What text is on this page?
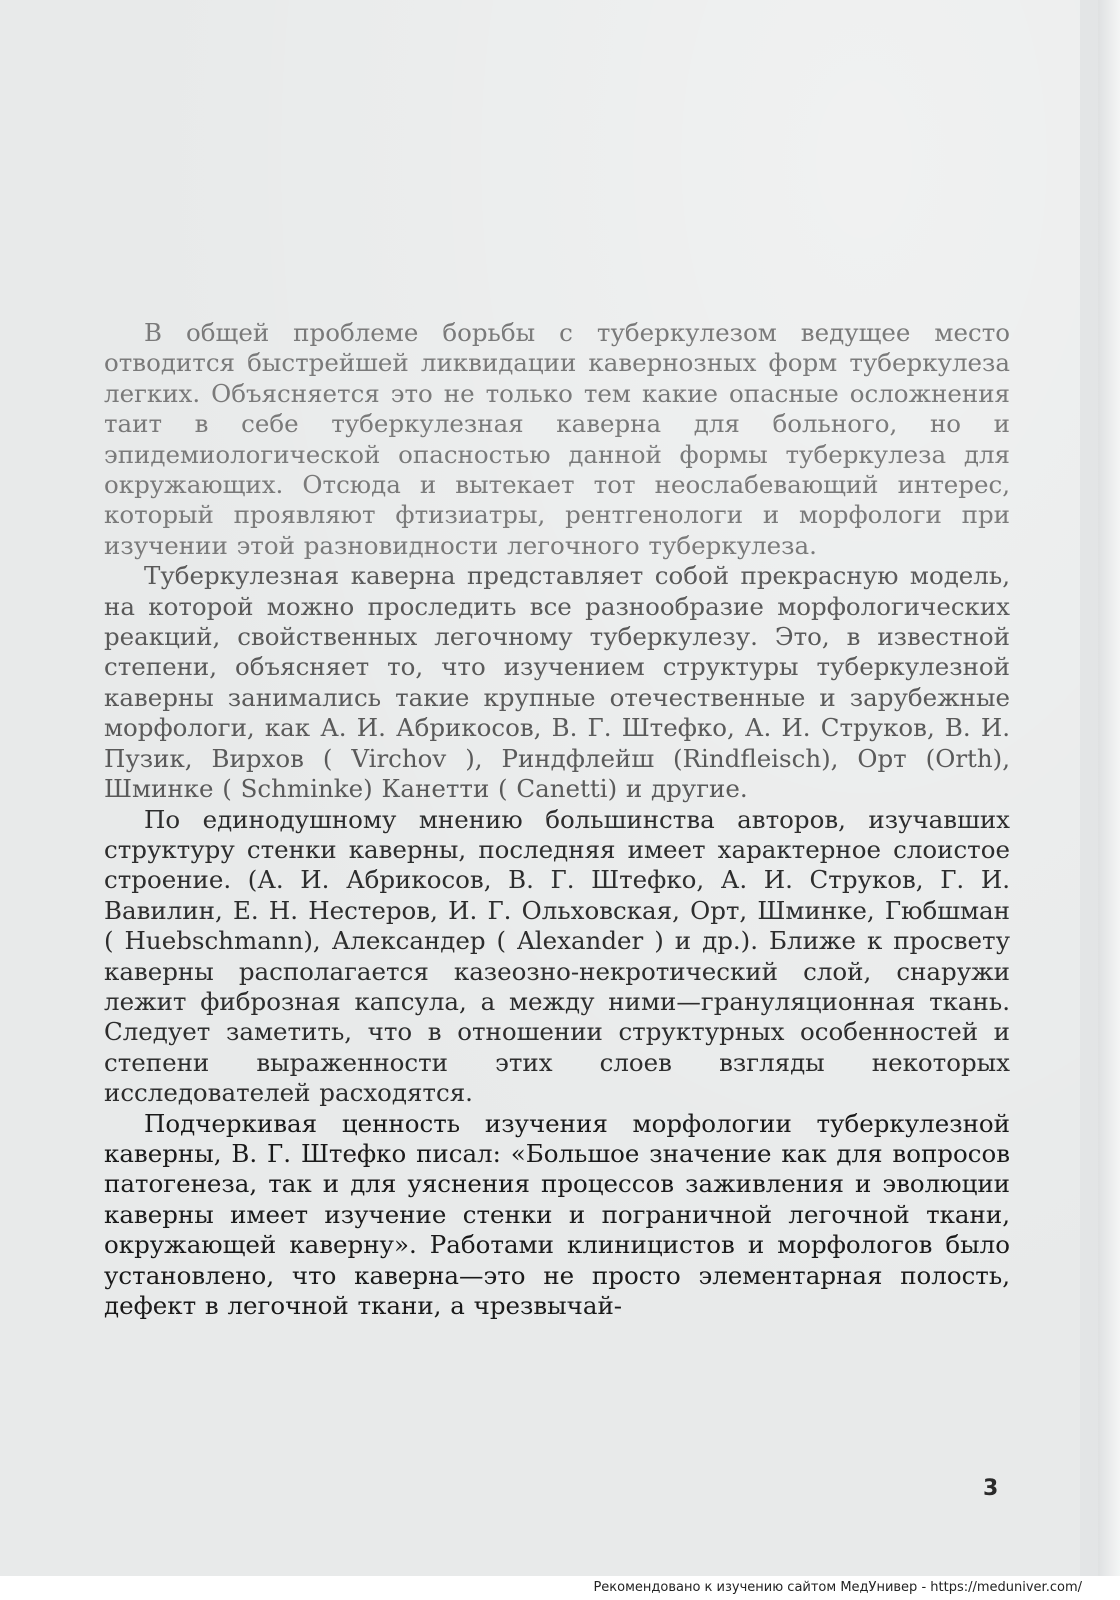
В общей проблеме борьбы с туберкулезом ведущее место отводится быстрейшей ликвидации кавернозных форм туберкулеза легких. Объясняется это не только тем какие опасные осложнения таит в себе туберкулезная каверна для больного, но и эпидемиологической опасностью данной формы туберкулеза для окружающих. Отсюда и вытекает тот неослабевающий интерес, который проявляют фтизиатры, рентгенологи и морфологи при изучении этой разновидности легочного туберкулеза.

Туберкулезная каверна представляет собой прекрасную модель, на которой можно проследить все разнообразие морфологических реакций, свойственных легочному туберкулезу. Это, в известной степени, объясняет то, что изучением структуры туберкулезной каверны занимались такие крупные отечественные и зарубежные морфологи, как А. И. Абрикосов, В. Г. Штефко, А. И. Струков, В. И. Пузик, Вирхов ( Virchov ), Риндфлейш (Rindfleisch), Орт (Orth), Шминке ( Schminke) Канетти ( Canetti) и другие.

По единодушному мнению большинства авторов, изучавших структуру стенки каверны, последняя имеет характерное слоистое строение. (А. И. Абрикосов, В. Г. Штефко, А. И. Струков, Г. И. Вавилин, Е. Н. Нестеров, И. Г. Ольховская, Орт, Шминке, Гюбшман ( Huebschmann), Александер ( Alexander ) и др.). Ближе к просвету каверны располагается казеозно-некротический слой, снаружи лежит фиброзная капсула, а между ними—грануляционная ткань. Следует заметить, что в отношении структурных особенностей и степени выраженности этих слоев взгляды некоторых исследователей расходятся.

Подчеркивая ценность изучения морфологии туберкулезной каверны, В. Г. Штефко писал: «Большое значение как для вопросов патогенеза, так и для уяснения процессов заживления и эволюции каверны имеет изучение стенки и пограничной легочной ткани, окружающей каверну». Работами клиницистов и морфологов было установлено, что каверна—это не просто элементарная полость, дефект в легочной ткани, а чрезвычай-

3
Рекомендовано к изучению сайтом МедУнивер - https://meduniver.com/
